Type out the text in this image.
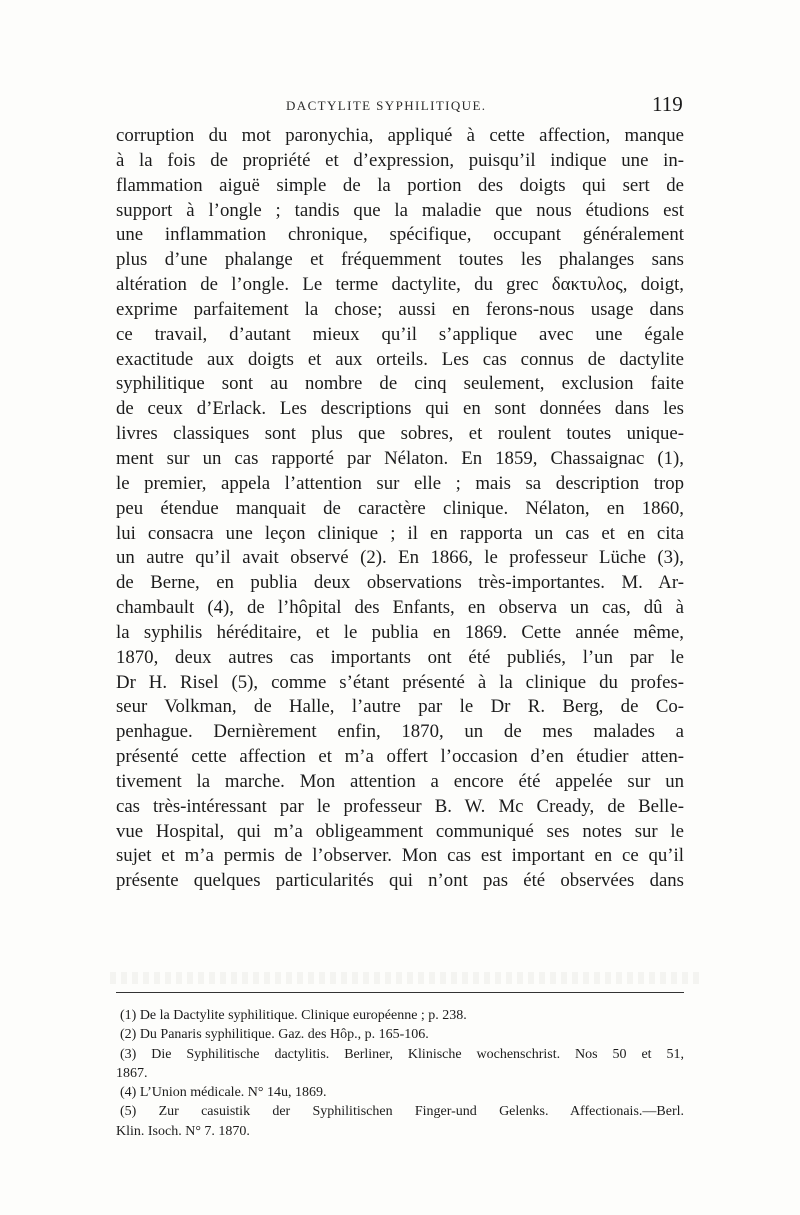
DACTYLITE SYPHILITIQUE.	119
corruption du mot paronychia, appliqué à cette affection, manque
à la fois de propriété et d’expression, puisqu’il indique une in-
flammation aiguë simple de la portion des doigts qui sert de
support à l’ongle ; tandis que la maladie que nous étudions est
une inflammation chronique, spécifique, occupant généralement
plus d’une phalange et fréquemment toutes les phalanges sans
altération de l’ongle. Le terme dactylite, du grec δακτυλος, doigt,
exprime parfaitement la chose; aussi en ferons-nous usage dans
ce travail, d’autant mieux qu’il s’applique avec une égale
exactitude aux doigts et aux orteils. Les cas connus de dactylite
syphilitique sont au nombre de cinq seulement, exclusion faite
de ceux d’Erlack. Les descriptions qui en sont données dans les
livres classiques sont plus que sobres, et roulent toutes unique-
ment sur un cas rapporté par Nélaton. En 1859, Chassaignac (1),
le premier, appela l’attention sur elle ; mais sa description trop
peu étendue manquait de caractère clinique. Nélaton, en 1860,
lui consacra une leçon clinique ; il en rapporta un cas et en cita
un autre qu’il avait observé (2). En 1866, le professeur Lüche (3),
de Berne, en publia deux observations très-importantes. M. Ar-
chambault (4), de l’hôpital des Enfants, en observa un cas, dû à
la syphilis héréditaire, et le publia en 1869. Cette année même,
1870, deux autres cas importants ont été publiés, l’un par le
Dr H. Risel (5), comme s’étant présenté à la clinique du profes-
seur Volkman, de Halle, l’autre par le Dr R. Berg, de Co-
penhague. Dernièrement enfin, 1870, un de mes malades a
présenté cette affection et m’a offert l’occasion d’en étudier atten-
tivement la marche. Mon attention a encore été appelée sur un
cas très-intéressant par le professeur B. W. Mc Cready, de Belle-
vue Hospital, qui m’a obligeamment communiqué ses notes sur le
sujet et m’a permis de l’observer. Mon cas est important en ce qu’il
présente quelques particularités qui n’ont pas été observées dans
(1) De la Dactylite syphilitique. Clinique européenne ; p. 238.
(2) Du Panaris syphilitique. Gaz. des Hôp., p. 165-106.
(3) Die Syphilitische dactylitis. Berliner, Klinische wochenschrist. Nos 50 et 51,
1867.
(4) L’Union médicale. N° 14u, 1869.
(5) Zur casuistik der Syphilitischen Finger-und Gelenks. Affectionais.—Berl.
Klin. Isoch. N° 7. 1870.
